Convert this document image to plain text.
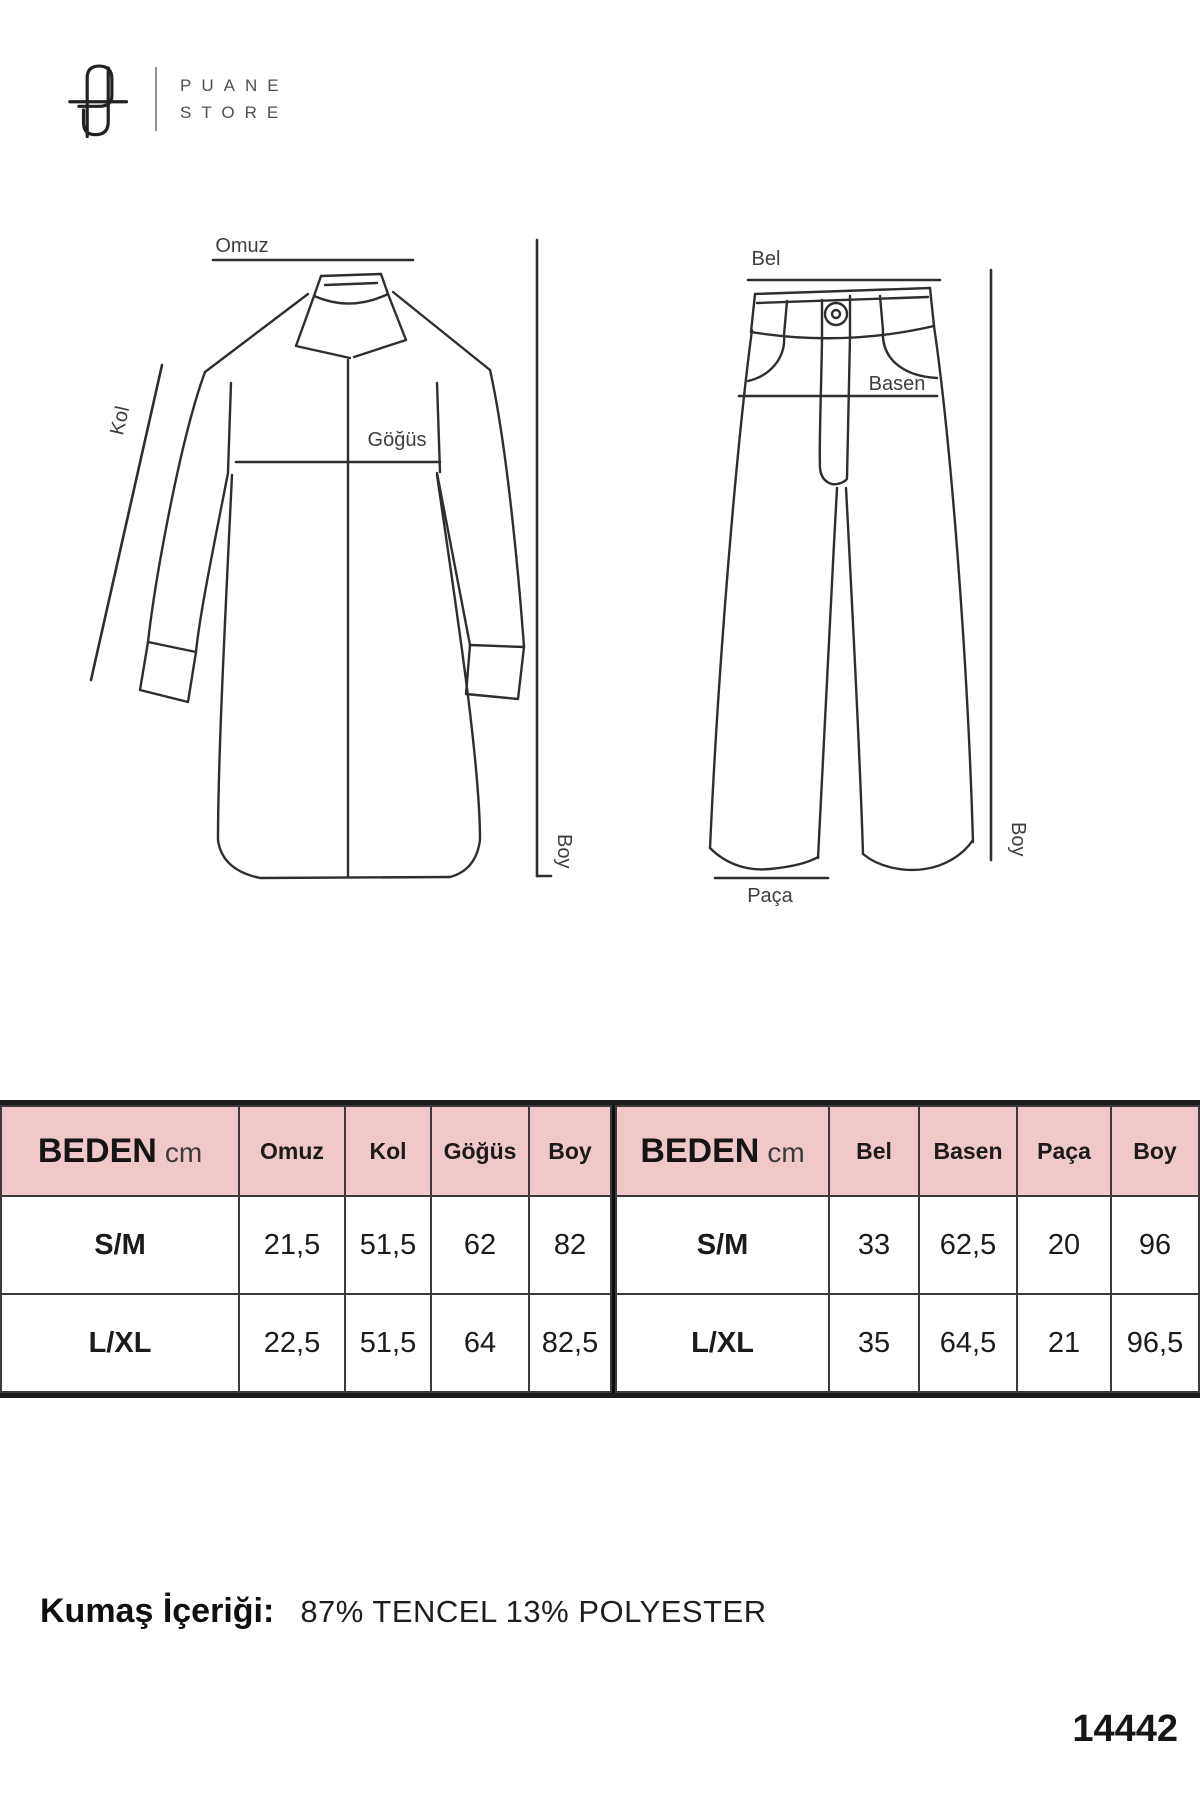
PUANE
STORE
Omuz
Göğüs
Kol
Boy
Bel
Basen
Paça
Boy
BEDEN cm	Omuz	Kol	Göğüs	Boy
S/M	21,5	51,5	62	82
L/XL	22,5	51,5	64	82,5
BEDEN cm	Bel	Basen	Paça	Boy
S/M	33	62,5	20	96
L/XL	35	64,5	21	96,5
Kumaş İçeriği: 87% TENCEL 13% POLYESTER
14442
